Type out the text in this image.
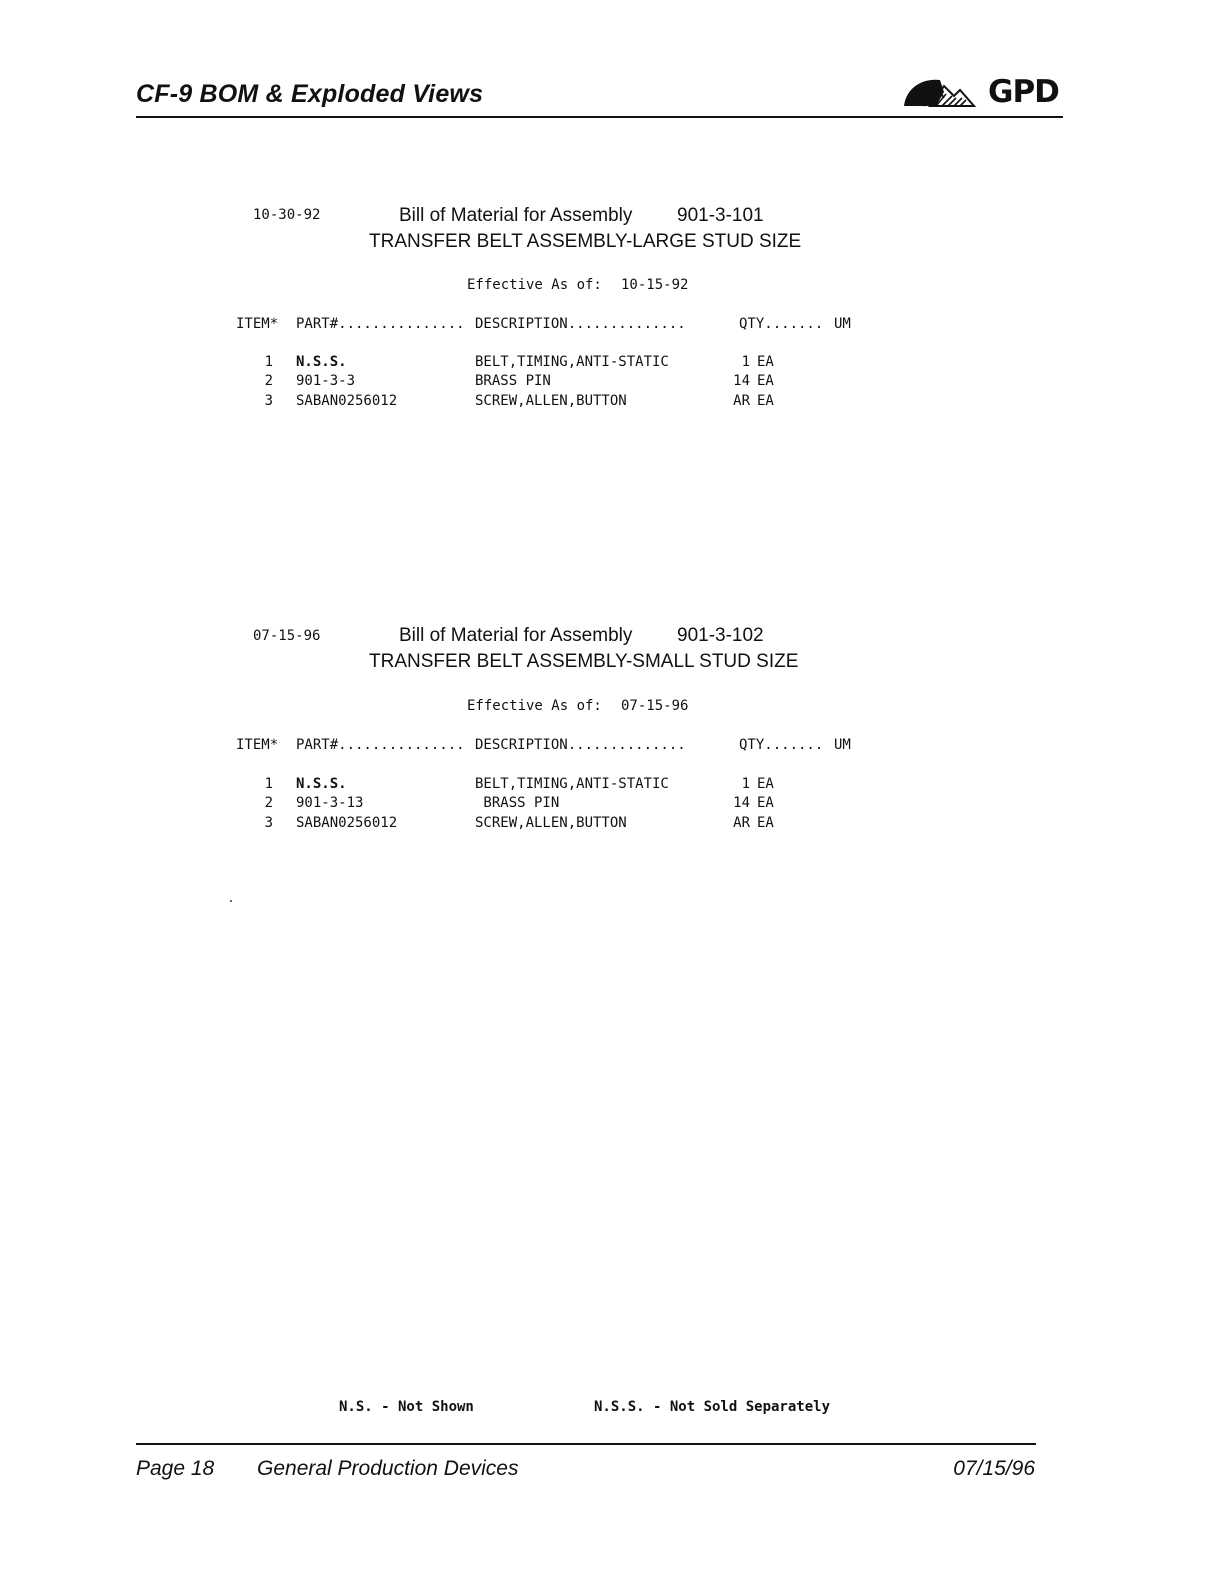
CF-9 BOM & Exploded Views	GPD
10-30-92	Bill of Material for Assembly 901-3-101
TRANSFER BELT ASSEMBLY-LARGE STUD SIZE
Effective As of: 10-15-92
ITEM* PART#............... DESCRIPTION..............	QTY....... UM
1 N.S.S.	BELT,TIMING,ANTI-STATIC	1 EA
2 901-3-3	BRASS PIN	14 EA
3 SABAN0256012	SCREW,ALLEN,BUTTON	AR EA
07-15-96	Bill of Material for Assembly 901-3-102
TRANSFER BELT ASSEMBLY-SMALL STUD SIZE
Effective As of: 07-15-96
ITEM* PART#............... DESCRIPTION..............	QTY....... UM
1 N.S.S.	BELT,TIMING,ANTI-STATIC	1 EA
2 901-3-13	BRASS PIN	14 EA
3 SABAN0256012	SCREW,ALLEN,BUTTON	AR EA
N.S. - Not Shown	N.S.S. - Not Sold Separately
Page 18 General Production Devices	07/15/96
